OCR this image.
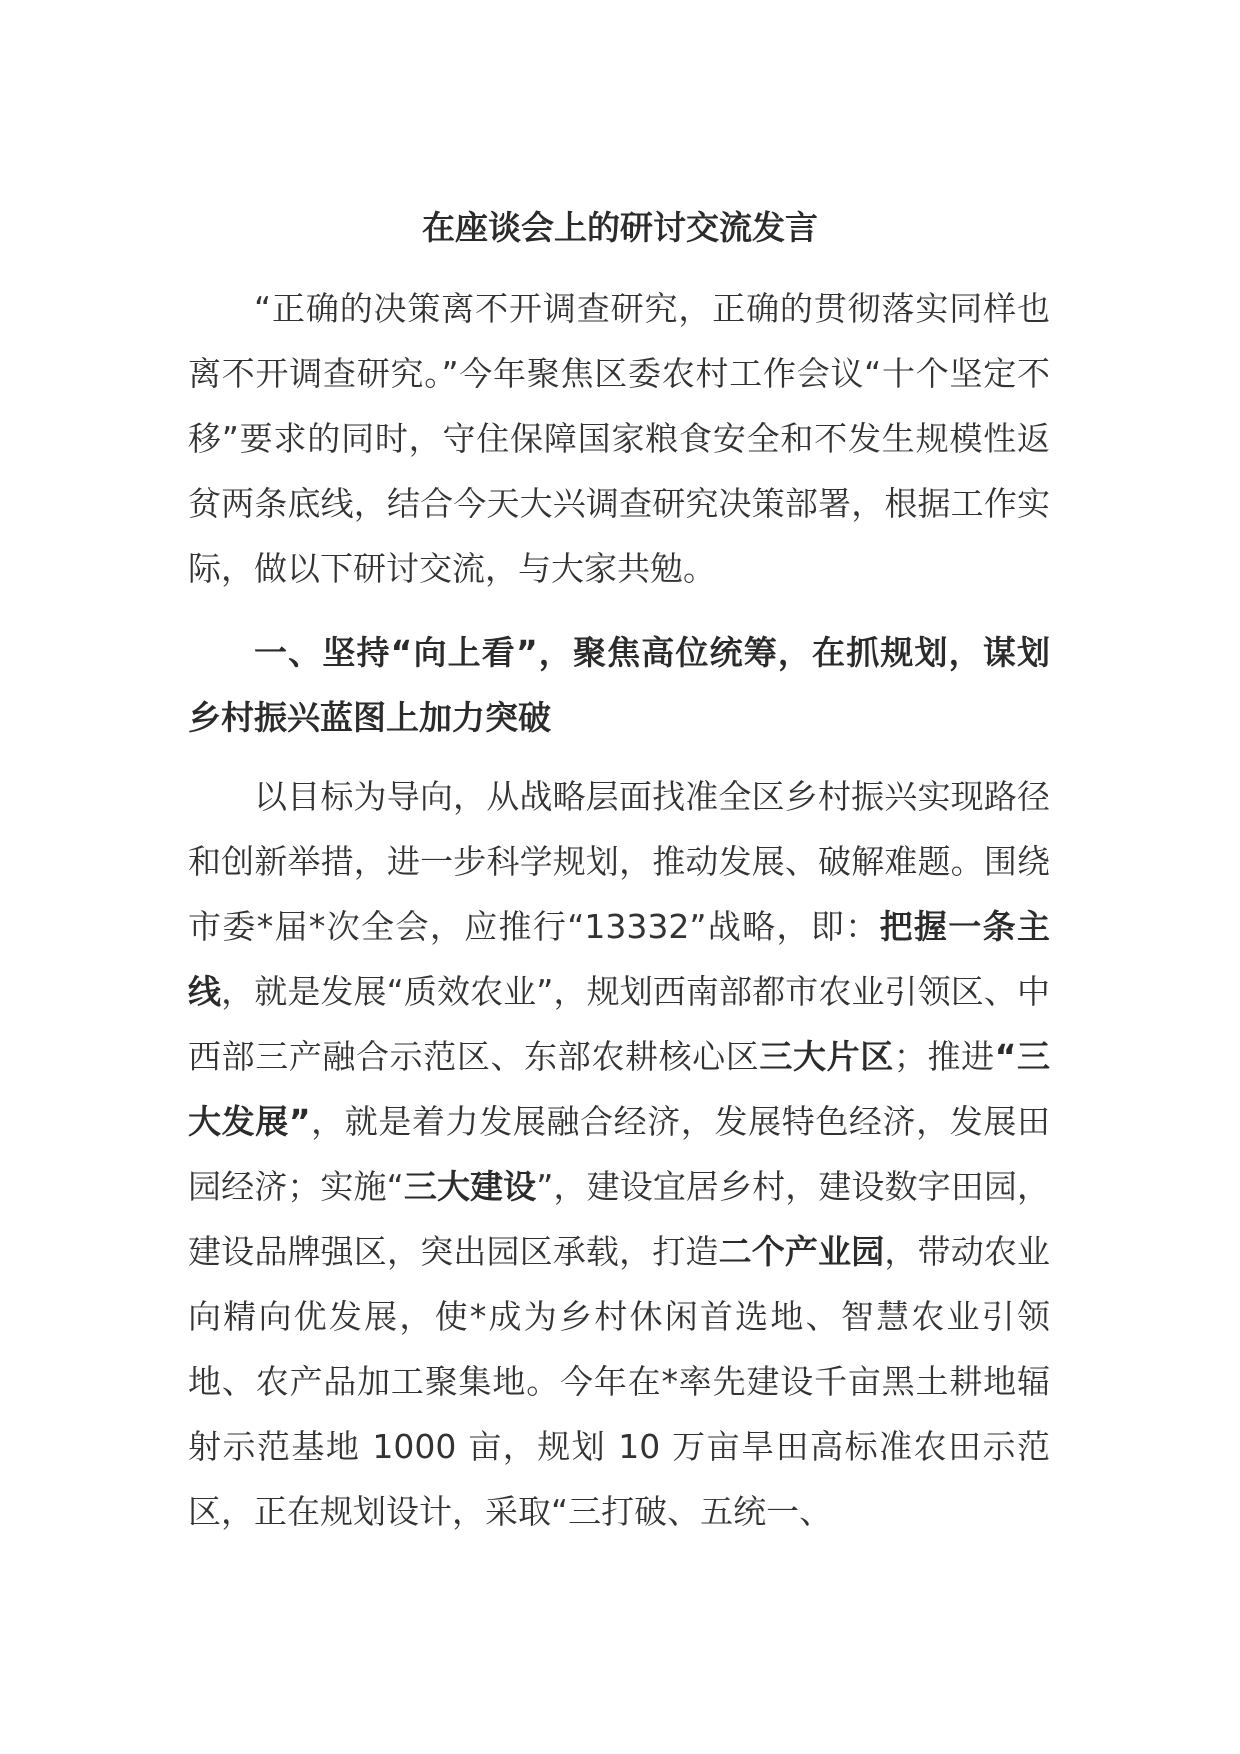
在座谈会上的研讨交流发言

“正确的决策离不开调查研究，正确的贯彻落实同样也离不开调查研究。”今年聚焦区委农村工作会议“十个坚定不移”要求的同时，守住保障国家粮食安全和不发生规模性返贫两条底线，结合今天大兴调查研究决策部署，根据工作实际，做以下研讨交流，与大家共勉。

一、坚持“向上看”，聚焦高位统筹，在抓规划，谋划乡村振兴蓝图上加力突破

以目标为导向，从战略层面找准全区乡村振兴实现路径和创新举措，进一步科学规划，推动发展、破解难题。围绕市委*届*次全会，应推行“13332”战略，即：把握一条主线，就是发展“质效农业”，规划西南部都市农业引领区、中西部三产融合示范区、东部农耕核心区三大片区；推进“三大发展”，就是着力发展融合经济，发展特色经济，发展田园经济；实施“三大建设”，建设宜居乡村，建设数字田园，建设品牌强区，突出园区承载，打造二个产业园，带动农业向精向优发展，使*成为乡村休闲首选地、智慧农业引领地、农产品加工聚集地。今年在*率先建设千亩黑土耕地辐射示范基地 1000 亩，规划 10 万亩旱田高标准农田示范区，正在规划设计，采取“三打破、五统一、
